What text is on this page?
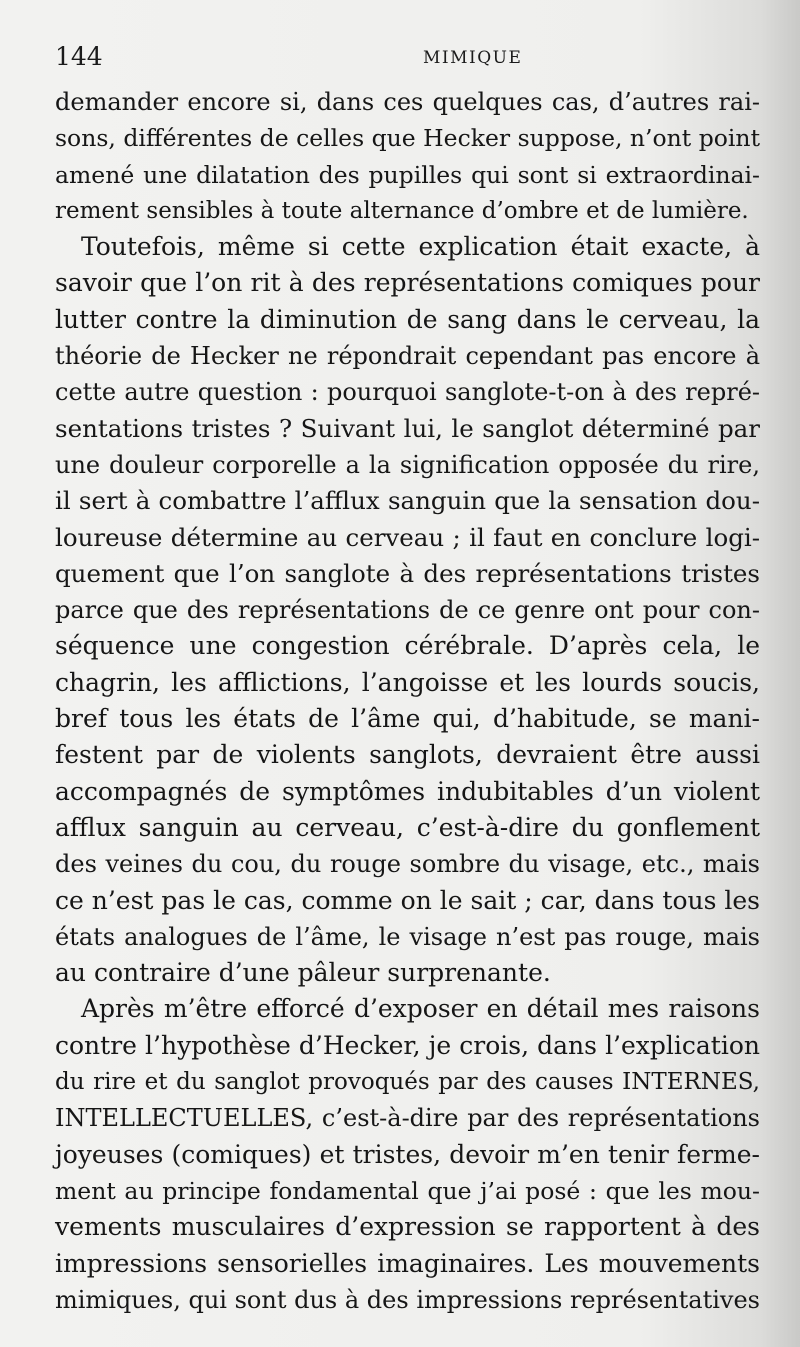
144	MIMIQUE
demander encore si, dans ces quelques cas, d’autres rai-
sons, différentes de celles que Hecker suppose, n’ont point
amené une dilatation des pupilles qui sont si extraordinai-
rement sensibles à toute alternance d’ombre et de lumière.
Toutefois, même si cette explication était exacte, à
savoir que l’on rit à des représentations comiques pour
lutter contre la diminution de sang dans le cerveau, la
théorie de Hecker ne répondrait cependant pas encore à
cette autre question : pourquoi sanglote-t-on à des repré-
sentations tristes ? Suivant lui, le sanglot déterminé par
une douleur corporelle a la signification opposée du rire,
il sert à combattre l’afflux sanguin que la sensation dou-
loureuse détermine au cerveau ; il faut en conclure logi-
quement que l’on sanglote à des représentations tristes
parce que des représentations de ce genre ont pour con-
séquence une congestion cérébrale. D’après cela, le
chagrin, les afflictions, l’angoisse et les lourds soucis,
bref tous les états de l’âme qui, d’habitude, se mani-
festent par de violents sanglots, devraient être aussi
accompagnés de symptômes indubitables d’un violent
afflux sanguin au cerveau, c’est-à-dire du gonflement
des veines du cou, du rouge sombre du visage, etc., mais
ce n’est pas le cas, comme on le sait ; car, dans tous les
états analogues de l’âme, le visage n’est pas rouge, mais
au contraire d’une pâleur surprenante.
Après m’être efforcé d’exposer en détail mes raisons
contre l’hypothèse d’Hecker, je crois, dans l’explication
du rire et du sanglot provoqués par des causes INTERNES,
INTELLECTUELLES, c’est-à-dire par des représentations
joyeuses (comiques) et tristes, devoir m’en tenir ferme-
ment au principe fondamental que j’ai posé : que les mou-
vements musculaires d’expression se rapportent à des
impressions sensorielles imaginaires. Les mouvements
mimiques, qui sont dus à des impressions représentatives
